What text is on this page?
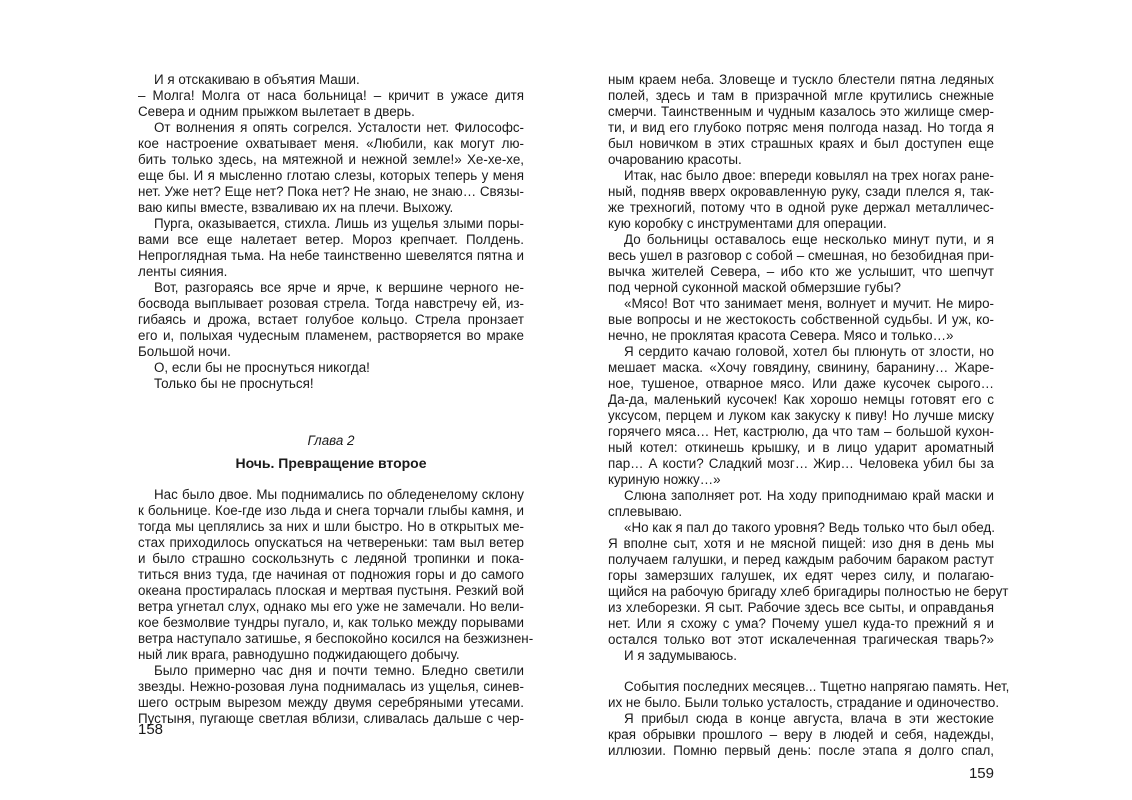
И я отскакиваю в объятия Маши.
– Молга! Молга от наса больница! – кричит в ужасе дитя
Севера и одним прыжком вылетает в дверь.
От волнения я опять согрелся. Усталости нет. Философс-
кое настроение охватывает меня. «Любили, как могут лю-
бить только здесь, на мятежной и нежной земле!» Хе-хе-хе,
еще бы. И я мысленно глотаю слезы, которых теперь у меня
нет. Уже нет? Еще нет? Пока нет? Не знаю, не знаю… Связы-
ваю кипы вместе, взваливаю их на плечи. Выхожу.
Пурга, оказывается, стихла. Лишь из ущелья злыми поры-
вами все еще налетает ветер. Мороз крепчает. Полдень.
Непроглядная тьма. На небе таинственно шевелятся пятна и
ленты сияния.
Вот, разгораясь все ярче и ярче, к вершине черного не-
босвода выплывает розовая стрела. Тогда навстречу ей, из-
гибаясь и дрожа, встает голубое кольцо. Стрела пронзает
его и, полыхая чудесным пламенем, растворяется во мраке
Большой ночи.
О, если бы не проснуться никогда!
Только бы не проснуться!
Глава 2
Ночь. Превращение второе
Нас было двое. Мы поднимались по обледенелому склону
к больнице. Кое-где изо льда и снега торчали глыбы камня, и
тогда мы цеплялись за них и шли быстро. Но в открытых ме-
стах приходилось опускаться на четвереньки: там выл ветер
и было страшно соскользнуть с ледяной тропинки и пока-
титься вниз туда, где начиная от подножия горы и до самого
океана простиралась плоская и мертвая пустыня. Резкий вой
ветра угнетал слух, однако мы его уже не замечали. Но вели-
кое безмолвие тундры пугало, и, как только между порывами
ветра наступало затишье, я беспокойно косился на безжизнен-
ный лик врага, равнодушно поджидающего добычу.
Было примерно час дня и почти темно. Бледно светили
звезды. Нежно-розовая луна поднималась из ущелья, синев-
шего острым вырезом между двумя серебряными утесами.
Пустыня, пугающе светлая вблизи, сливалась дальше с чер-
158
ным краем неба. Зловеще и тускло блестели пятна ледяных
полей, здесь и там в призрачной мгле крутились снежные
смерчи. Таинственным и чудным казалось это жилище смер-
ти, и вид его глубоко потряс меня полгода назад. Но тогда я
был новичком в этих страшных краях и был доступен еще
очарованию красоты.
Итак, нас было двое: впереди ковылял на трех ногах ране-
ный, подняв вверх окровавленную руку, сзади плелся я, так-
же трехногий, потому что в одной руке держал металличес-
кую коробку с инструментами для операции.
До больницы оставалось еще несколько минут пути, и я
весь ушел в разговор с собой – смешная, но безобидная при-
вычка жителей Севера, – ибо кто же услышит, что шепчут
под черной суконной маской обмерзшие губы?
«Мясо! Вот что занимает меня, волнует и мучит. Не миро-
вые вопросы и не жестокость собственной судьбы. И уж, ко-
нечно, не проклятая красота Севера. Мясо и только…»
Я сердито качаю головой, хотел бы плюнуть от злости, но
мешает маска. «Хочу говядину, свинину, баранину… Жаре-
ное, тушеное, отварное мясо. Или даже кусочек сырого…
Да-да, маленький кусочек! Как хорошо немцы готовят его с
уксусом, перцем и луком как закуску к пиву! Но лучше миску
горячего мяса… Нет, кастрюлю, да что там – большой кухон-
ный котел: откинешь крышку, и в лицо ударит ароматный
пар… А кости? Сладкий мозг… Жир… Человека убил бы за
куриную ножку…»
Слюна заполняет рот. На ходу приподнимаю край маски и
сплевываю.
«Но как я пал до такого уровня? Ведь только что был обед.
Я вполне сыт, хотя и не мясной пищей: изо дня в день мы
получаем галушки, и перед каждым рабочим бараком растут
горы замерзших галушек, их едят через силу, и полагаю-
щийся на рабочую бригаду хлеб бригадиры полностью не берут
из хлеборезки. Я сыт. Рабочие здесь все сыты, и оправданья
нет. Или я схожу с ума? Почему ушел куда-то прежний я и
остался только вот этот искалеченная трагическая тварь?»
И я задумываюсь.
События последних месяцев... Тщетно напрягаю память. Нет,
их не было. Были только усталость, страдание и одиночество.
Я прибыл сюда в конце августа, влача в эти жестокие
края обрывки прошлого – веру в людей и себя, надежды,
иллюзии. Помню первый день: после этапа я долго спал,
159
